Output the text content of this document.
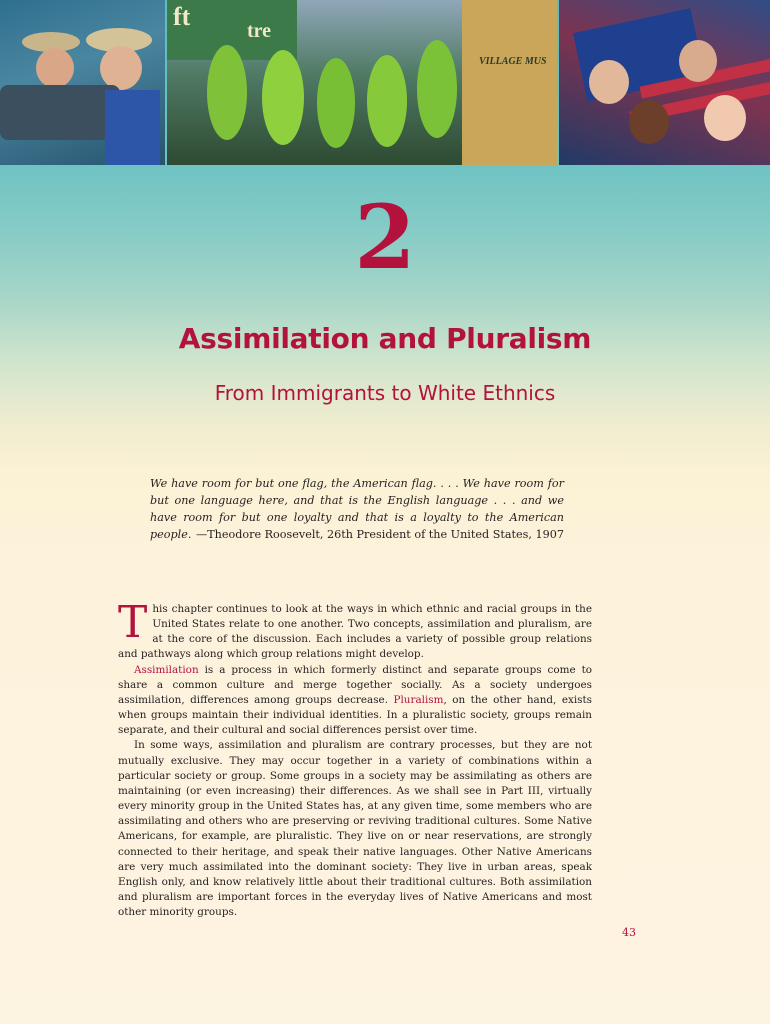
ft	tre
VILLAGE MUS
2
Assimilation and Pluralism
From Immigrants to White Ethnics
We have room for but one flag, the American flag. . . . We have room for but one language here, and that is the English language . . . and we have room for but one loyalty and that is a loyalty to the American people. —Theodore Roosevelt, 26th President of the United States, 1907

This chapter continues to look at the ways in which ethnic and racial groups in the United States relate to one another. Two concepts, assimilation and pluralism, are at the core of the discussion. Each includes a variety of possible group relations and pathways along which group relations might develop.

Assimilation is a process in which formerly distinct and separate groups come to share a common culture and merge together socially. As a society undergoes assimilation, differences among groups decrease. Pluralism, on the other hand, exists when groups maintain their individual identities. In a pluralistic society, groups remain separate, and their cultural and social differences persist over time.

In some ways, assimilation and pluralism are contrary processes, but they are not mutually exclusive. They may occur together in a variety of combinations within a particular society or group. Some groups in a society may be assimilating as others are maintaining (or even increasing) their differences. As we shall see in Part III, virtually every minority group in the United States has, at any given time, some members who are assimilating and others who are preserving or reviving traditional cultures. Some Native Americans, for example, are pluralistic. They live on or near reservations, are strongly connected to their heritage, and speak their native languages. Other Native Americans are very much assimilated into the dominant society: They live in urban areas, speak English only, and know relatively little about their traditional cultures. Both assimilation and pluralism are important forces in the everyday lives of Native Americans and most other minority groups.

43
